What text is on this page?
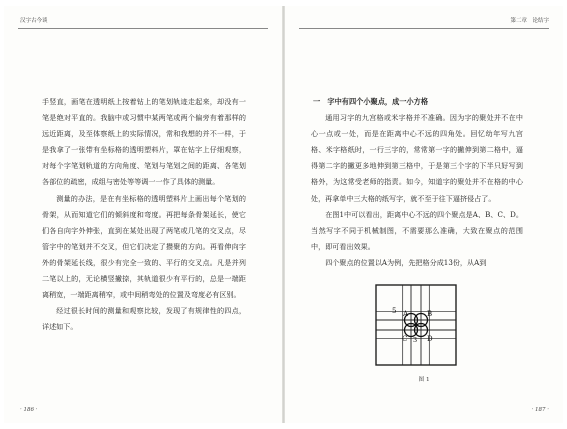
汉字古今谈

手竖直，画笔在透明纸上按着钻上的笔划轨迹走起来，却没有一笔是绝对平直的。我脑中或习惯中某两笔或两个偏旁有着那样的远近距离，及至体察纸上的实际情况，常和我想的并不一样，于是我拿了一张带有坐标格的透明塑料片，罩在钻字上仔细观察，对每个字笔划轨道的方向角度、笔划与笔划之间的距离、各笔划各部位的疏密，成组与密处等等调一一作了具体的测量。

测量的办法，是在有坐标格的透明塑料片上画出每个笔划的骨架，从而知道它们的倾斜度和弯度。再把每条骨架延长，使它们各自向字外伸张，直到在某处出现了两笔或几笔的交叉点，尽管字中的笔划并不交叉，但它们决定了攒聚的方向。再看伸向字外的骨架延长线，很少有完全一致的、平行的交叉点。凡是并列二笔以上的，无论横竖撇捺，其轨道很少有平行的，总是一端距离稍宽，一端距离稍窄，或中间稍弯处的位置及弯度必有区别。

经过很长时间的测量和观察比较，发现了有规律性的四点，详述如下。

· 186 ·
第二章　论结字

一　字中有四个小聚点，成一小方格

通用习字的九宫格或米字格并不准确。因为字的聚处并不在中心一点或一处，而是在距离中心不远的四角处。回忆幼年写九宫格、米字格纸时，一行三字的，常常第一字的撇伸到第二格中，逼得第二字的撇更多地伸到第三格中，于是第三个字的下半只好写到格外，为这常受老师的指责。如今，知道字的聚处并不在格的中心处，再拿单中三大格的纸写字，就不至于往下逼挤侵占了。

在图1中可以看出，距离中心不远的四个聚点是A、B、C、D。当然写字不同于机械制图，不需要那么准确，大致在聚点的范围中，即可看出效果。

四个聚点的位置以A为例，先把格分成13份，从A到

5 A	B
C	D
3
图 1
· 187 ·
